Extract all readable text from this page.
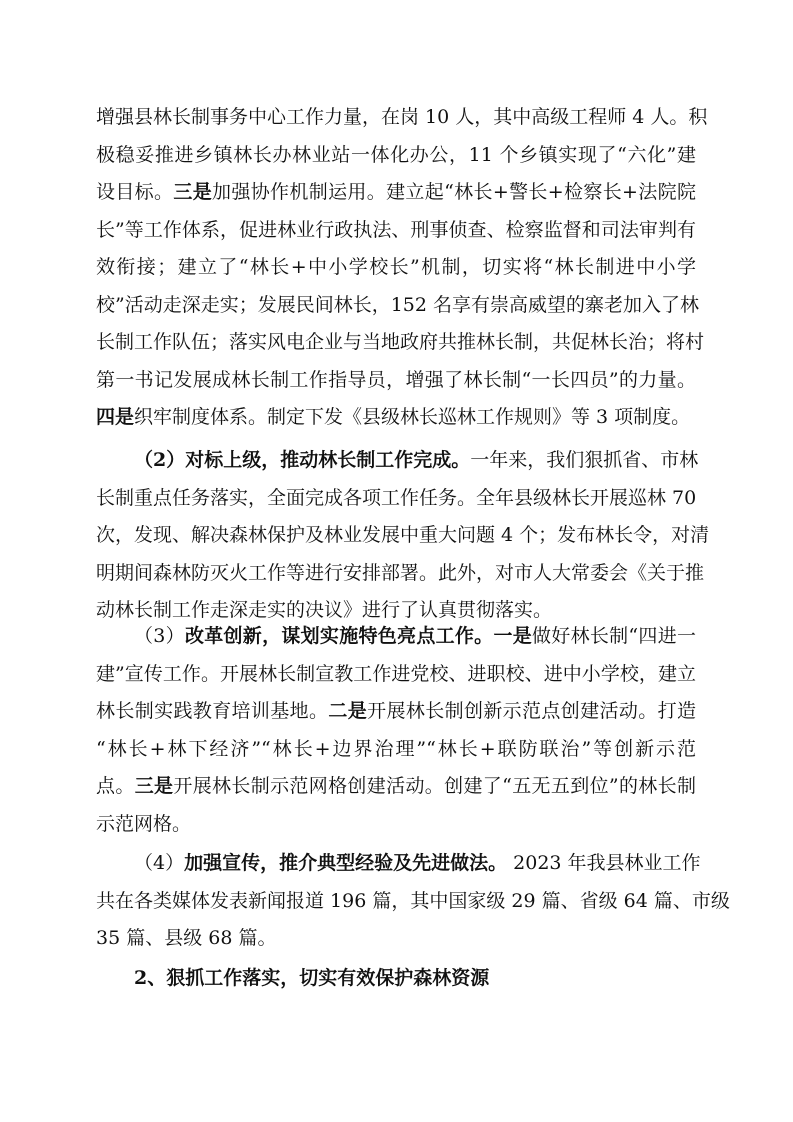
增强县林长制事务中心工作力量，在岗 10 人，其中高级工程师 4 人。积
极稳妥推进乡镇林长办林业站一体化办公，11 个乡镇实现了“六化”建
设目标。三是加强协作机制运用。建立起“林长+警长+检察长+法院院
长”等工作体系，促进林业行政执法、刑事侦查、检察监督和司法审判有
效衔接；建立了“林长+中小学校长”机制，切实将“林长制进中小学
校”活动走深走实；发展民间林长，152 名享有崇高威望的寨老加入了林
长制工作队伍；落实风电企业与当地政府共推林长制，共促林长治；将村
第一书记发展成林长制工作指导员，增强了林长制“一长四员”的力量。
四是织牢制度体系。制定下发《县级林长巡林工作规则》等 3 项制度。
（2）对标上级，推动林长制工作完成。一年来，我们狠抓省、市林
长制重点任务落实，全面完成各项工作任务。全年县级林长开展巡林 70
次，发现、解决森林保护及林业发展中重大问题 4 个；发布林长令，对清
明期间森林防灭火工作等进行安排部署。此外，对市人大常委会《关于推
动林长制工作走深走实的决议》进行了认真贯彻落实。
（3）改革创新，谋划实施特色亮点工作。一是做好林长制“四进一
建”宣传工作。开展林长制宣教工作进党校、进职校、进中小学校，建立
林长制实践教育培训基地。二是开展林长制创新示范点创建活动。打造
“林长+林下经济”“林长+边界治理”“林长+联防联治”等创新示范
点。三是开展林长制示范网格创建活动。创建了“五无五到位”的林长制
示范网格。
（4）加强宣传，推介典型经验及先进做法。 2023 年我县林业工作
共在各类媒体发表新闻报道 196 篇，其中国家级 29 篇、省级 64 篇、市级
35 篇、县级 68 篇。
2、狠抓工作落实，切实有效保护森林资源
